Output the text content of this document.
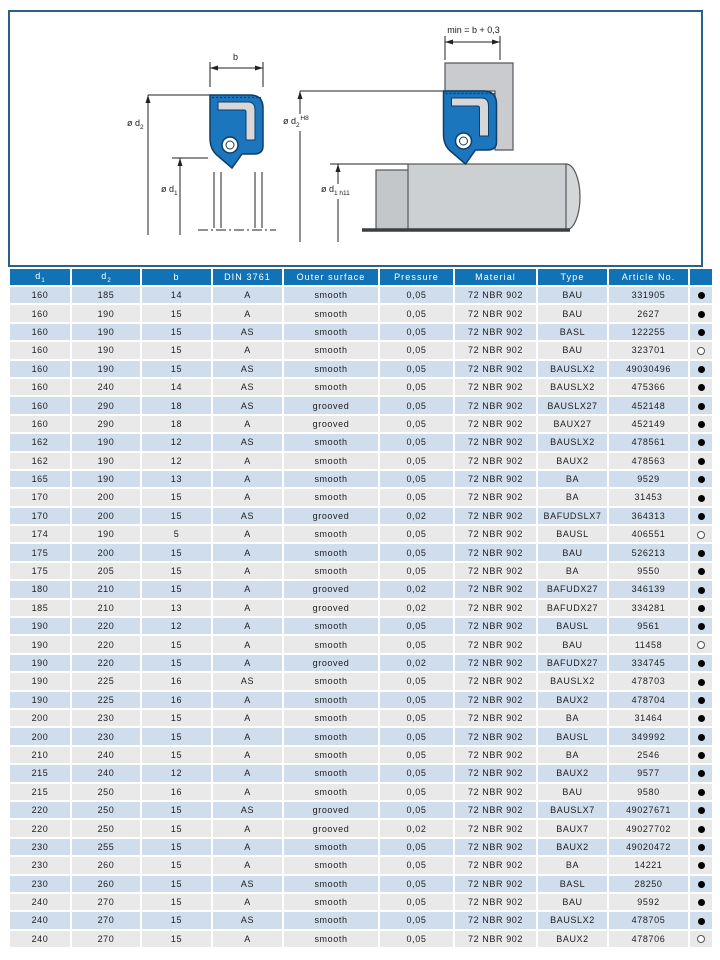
b
min = b + 0,3
ø $d_2$
ø $d_1$
ø $d_2$ $^{H8}$
ø $d_{1 h11}$
$d_1$	$d_2$	b	DIN 3761	Outer surface	Pressure	Material	Type	Article No.	
160	185	14	A	smooth	0,05	72 NBR 902	BAU	331905	
160	190	15	A	smooth	0,05	72 NBR 902	BAU	2627	
160	190	15	AS	smooth	0,05	72 NBR 902	BASL	122255	
160	190	15	A	smooth	0,05	72 NBR 902	BAU	323701	
160	190	15	AS	smooth	0,05	72 NBR 902	BAUSLX2	49030496	
160	240	14	AS	smooth	0,05	72 NBR 902	BAUSLX2	475366	
160	290	18	AS	grooved	0,05	72 NBR 902	BAUSLX27	452148	
160	290	18	A	grooved	0,05	72 NBR 902	BAUX27	452149	
162	190	12	AS	smooth	0,05	72 NBR 902	BAUSLX2	478561	
162	190	12	A	smooth	0,05	72 NBR 902	BAUX2	478563	
165	190	13	A	smooth	0,05	72 NBR 902	BA	9529	
170	200	15	A	smooth	0,05	72 NBR 902	BA	31453	
170	200	15	AS	grooved	0,02	72 NBR 902	BAFUDSLX7	364313	
174	190	5	A	smooth	0,05	72 NBR 902	BAUSL	406551	
175	200	15	A	smooth	0,05	72 NBR 902	BAU	526213	
175	205	15	A	smooth	0,05	72 NBR 902	BA	9550	
180	210	15	A	grooved	0,02	72 NBR 902	BAFUDX27	346139	
185	210	13	A	grooved	0,02	72 NBR 902	BAFUDX27	334281	
190	220	12	A	smooth	0,05	72 NBR 902	BAUSL	9561	
190	220	15	A	smooth	0,05	72 NBR 902	BAU	11458	
190	220	15	A	grooved	0,02	72 NBR 902	BAFUDX27	334745	
190	225	16	AS	smooth	0,05	72 NBR 902	BAUSLX2	478703	
190	225	16	A	smooth	0,05	72 NBR 902	BAUX2	478704	
200	230	15	A	smooth	0,05	72 NBR 902	BA	31464	
200	230	15	A	smooth	0,05	72 NBR 902	BAUSL	349992	
210	240	15	A	smooth	0,05	72 NBR 902	BA	2546	
215	240	12	A	smooth	0,05	72 NBR 902	BAUX2	9577	
215	250	16	A	smooth	0,05	72 NBR 902	BAU	9580	
220	250	15	AS	grooved	0,05	72 NBR 902	BAUSLX7	49027671	
220	250	15	A	grooved	0,02	72 NBR 902	BAUX7	49027702	
230	255	15	A	smooth	0,05	72 NBR 902	BAUX2	49020472	
230	260	15	A	smooth	0,05	72 NBR 902	BA	14221	
230	260	15	AS	smooth	0,05	72 NBR 902	BASL	28250	
240	270	15	A	smooth	0,05	72 NBR 902	BAU	9592	
240	270	15	AS	smooth	0,05	72 NBR 902	BAUSLX2	478705	
240	270	15	A	smooth	0,05	72 NBR 902	BAUX2	478706	
